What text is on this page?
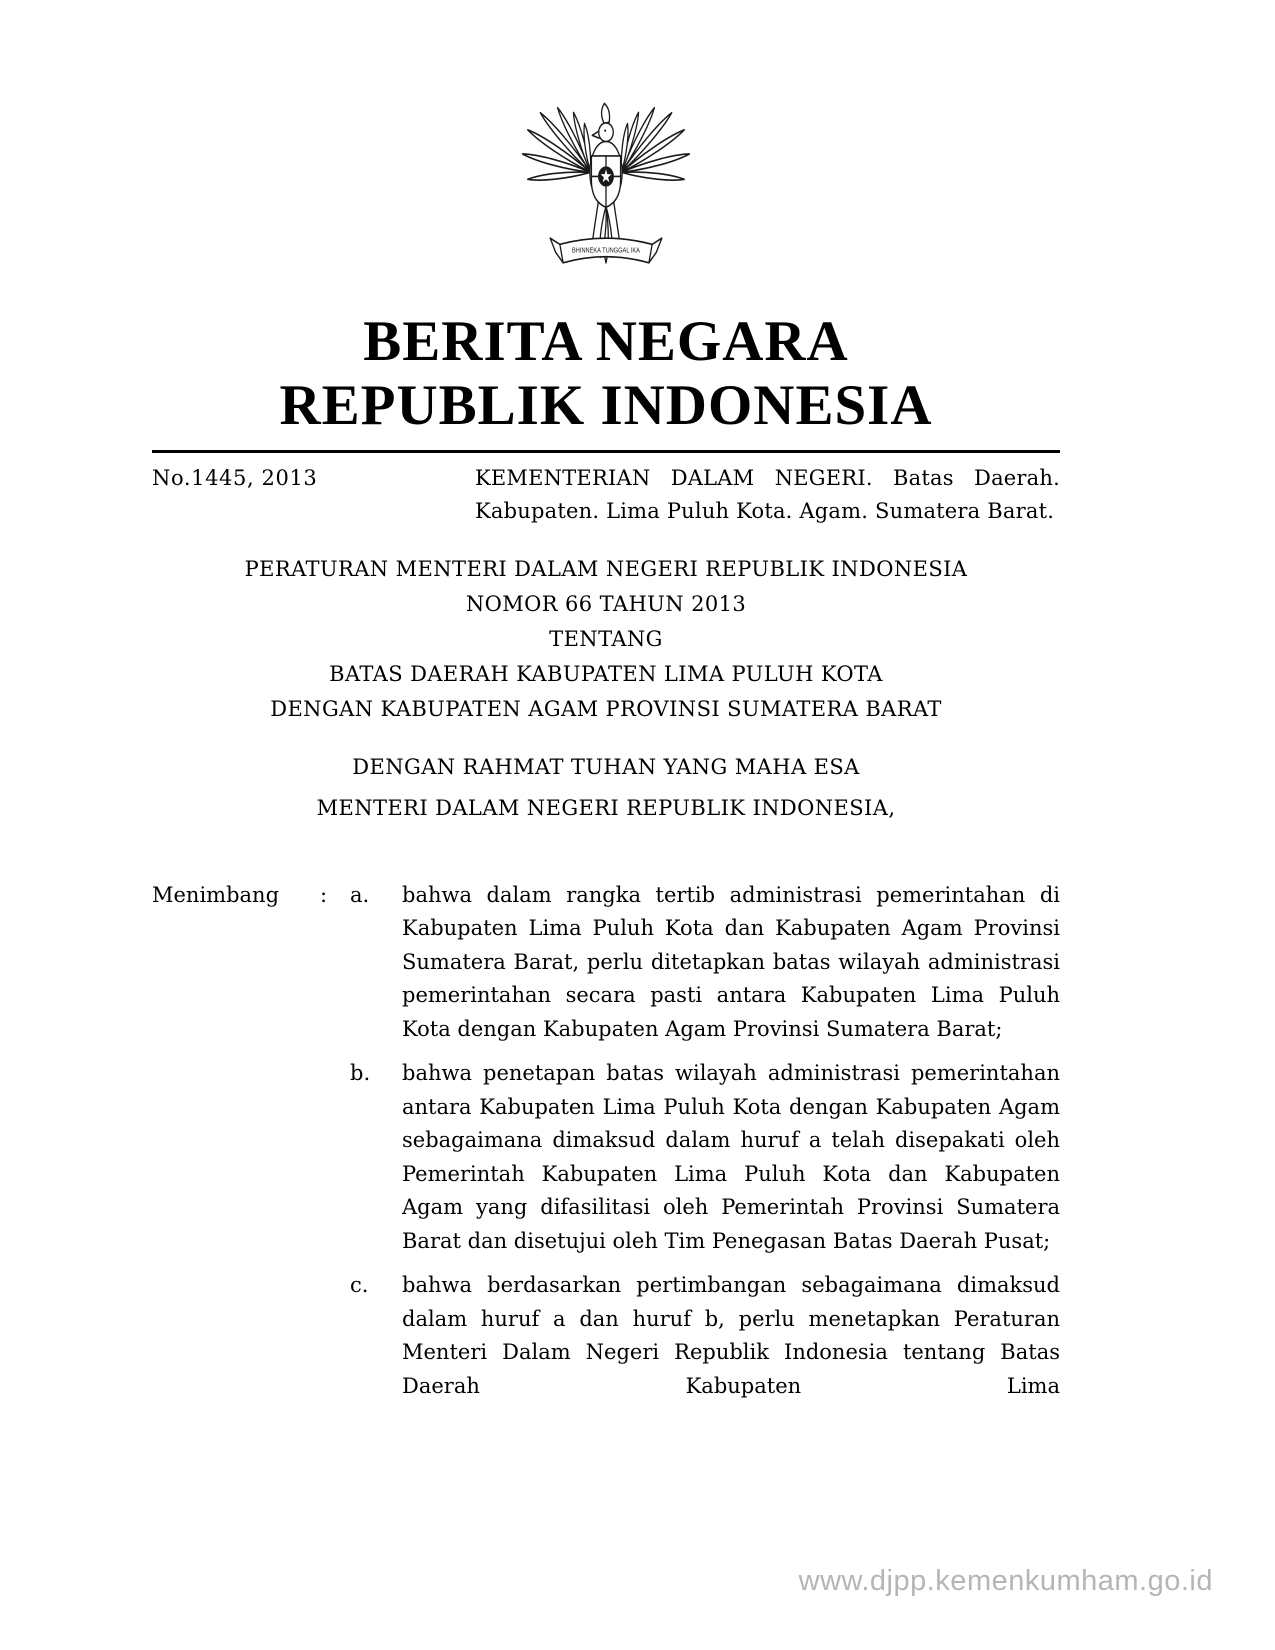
BHINNEKA TUNGGAL IKA
BERITA NEGARA
REPUBLIK INDONESIA
No.1445, 2013	KEMENTERIAN DALAM NEGERI. Batas Daerah. Kabupaten. Lima Puluh Kota. Agam. Sumatera Barat.
PERATURAN MENTERI DALAM NEGERI REPUBLIK INDONESIA
NOMOR 66 TAHUN 2013
TENTANG
BATAS DAERAH KABUPATEN LIMA PULUH KOTA
DENGAN KABUPATEN AGAM PROVINSI SUMATERA BARAT
DENGAN RAHMAT TUHAN YANG MAHA ESA
MENTERI DALAM NEGERI REPUBLIK INDONESIA,
Menimbang	:	a.	bahwa dalam rangka tertib administrasi pemerintahan di Kabupaten Lima Puluh Kota dan Kabupaten Agam Provinsi Sumatera Barat, perlu ditetapkan batas wilayah administrasi pemerintahan secara pasti antara Kabupaten Lima Puluh Kota dengan Kabupaten Agam Provinsi Sumatera Barat;
b.	bahwa penetapan batas wilayah administrasi pemerintahan antara Kabupaten Lima Puluh Kota dengan Kabupaten Agam sebagaimana dimaksud dalam huruf a telah disepakati oleh Pemerintah Kabupaten Lima Puluh Kota dan Kabupaten Agam yang difasilitasi oleh Pemerintah Provinsi Sumatera Barat dan disetujui oleh Tim Penegasan Batas Daerah Pusat;
c.	bahwa berdasarkan pertimbangan sebagaimana dimaksud dalam huruf a dan huruf b, perlu menetapkan Peraturan Menteri Dalam Negeri Republik Indonesia tentang Batas Daerah Kabupaten Lima
www.djpp.kemenkumham.go.id
